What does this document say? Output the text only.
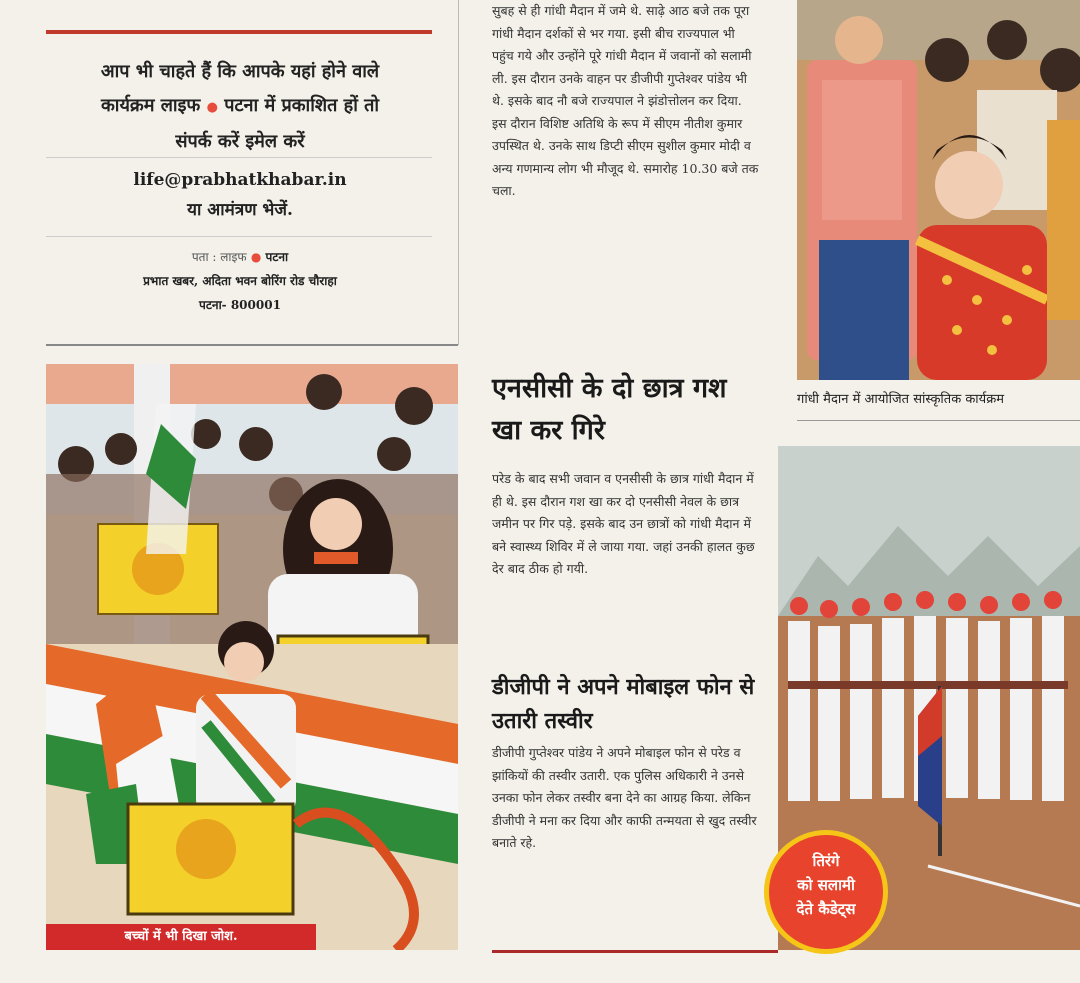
आप भी चाहते हैं कि आपके यहां होने वाले
कार्यक्रम लाइफ ● पटना में प्रकाशित हों तो
संपर्क करें इमेल करें
life@prabhatkhabar.in
या आमंत्रण भेजें.
पता : लाइफ ● पटना
प्रभात खबर, अदिता भवन बोरिंग रोड चौराहा
पटना- 800001
बच्चों में भी दिखा जोश.
सुबह से ही गांधी मैदान में जमे थे. साढ़े आठ बजे तक पूरा गांधी मैदान दर्शकों से भर गया. इसी बीच राज्यपाल भी पहुंच गये और उन्होंने पूरे गांधी मैदान में जवानों को सलामी ली. इस दौरान उनके वाहन पर डीजीपी गुप्तेश्वर पांडेय भी थे. इसके बाद नौ बजे राज्यपाल ने झंडोत्तोलन कर दिया. इस दौरान विशिष्ट अतिथि के रूप में सीएम नीतीश कुमार उपस्थित थे. उनके साथ डिप्टी सीएम सुशील कुमार मोदी व अन्य गणमान्य लोग भी मौजूद थे. समारोह 10.30 बजे तक चला.
एनसीसी के दो छात्र गश खा कर गिरे
परेड के बाद सभी जवान व एनसीसी के छात्र गांधी मैदान में ही थे. इस दौरान गश खा कर दो एनसीसी नेवल के छात्र जमीन पर गिर पड़े. इसके बाद उन छात्रों को गांधी मैदान में बने स्वास्थ्य शिविर में ले जाया गया. जहां उनकी हालत कुछ देर बाद ठीक हो गयी.
डीजीपी ने अपने मोबाइल फोन से उतारी तस्वीर
डीजीपी गुप्तेश्वर पांडेय ने अपने मोबाइल फोन से परेड व झांकियों की तस्वीर उतारी. एक पुलिस अधिकारी ने उनसे उनका फोन लेकर तस्वीर बना देने का आग्रह किया. लेकिन डीजीपी ने मना कर दिया और काफी तन्मयता से खुद तस्वीर बनाते रहे.
गांधी मैदान में आयोजित सांस्कृतिक कार्यक्रम
तिरंगे
को सलामी
देते कैडेट्स
